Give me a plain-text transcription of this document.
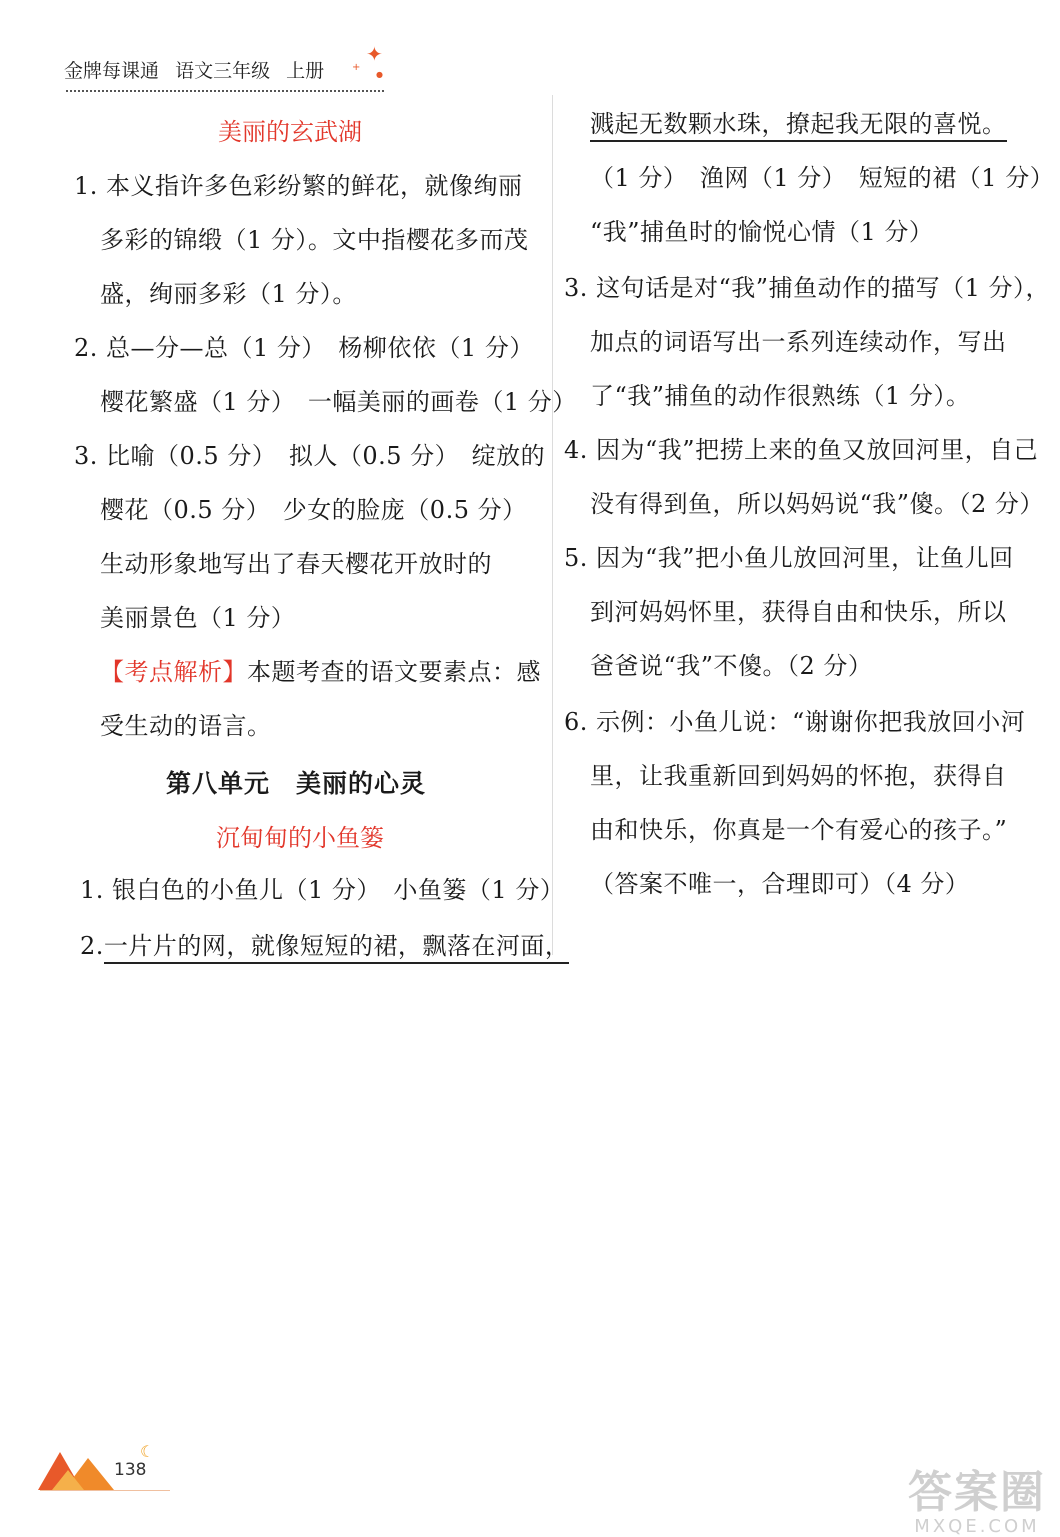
金牌每课通 语文三年级 上册
✦
+
●
美丽的玄武湖
1. 本义指许多色彩纷繁的鲜花，就像绚丽
多彩的锦缎（1 分）。文中指樱花多而茂
盛，绚丽多彩（1 分）。
2. 总—分—总（1 分）　杨柳依依（1 分）
樱花繁盛（1 分）　一幅美丽的画卷（1 分）
3. 比喻（0.5 分）　拟人（0.5 分）　绽放的
樱花（0.5 分）　少女的脸庞（0.5 分）
生动形象地写出了春天樱花开放时的
美丽景色（1 分）
【考点解析】本题考查的语文要素点：感
受生动的语言。
第八单元　美丽的心灵
沉甸甸的小鱼篓
1. 银白色的小鱼儿（1 分）　小鱼篓（1 分）
2.一片片的网，就像短短的裙，飘落在河面，
溅起无数颗水珠，撩起我无限的喜悦。
（1 分）　渔网（1 分）　短短的裙（1 分）
“我”捕鱼时的愉悦心情（1 分）
3. 这句话是对“我”捕鱼动作的描写（1 分），
加点的词语写出一系列连续动作，写出
了“我”捕鱼的动作很熟练（1 分）。
4. 因为“我”把捞上来的鱼又放回河里，自己
没有得到鱼，所以妈妈说“我”傻。（2 分）
5. 因为“我”把小鱼儿放回河里，让鱼儿回
到河妈妈怀里，获得自由和快乐，所以
爸爸说“我”不傻。（2 分）
6. 示例：小鱼儿说：“谢谢你把我放回小河
里，让我重新回到妈妈的怀抱，获得自
由和快乐，你真是一个有爱心的孩子。”
（答案不唯一，合理即可）（4 分）
☾
138	答案圈
MXQE.COM
